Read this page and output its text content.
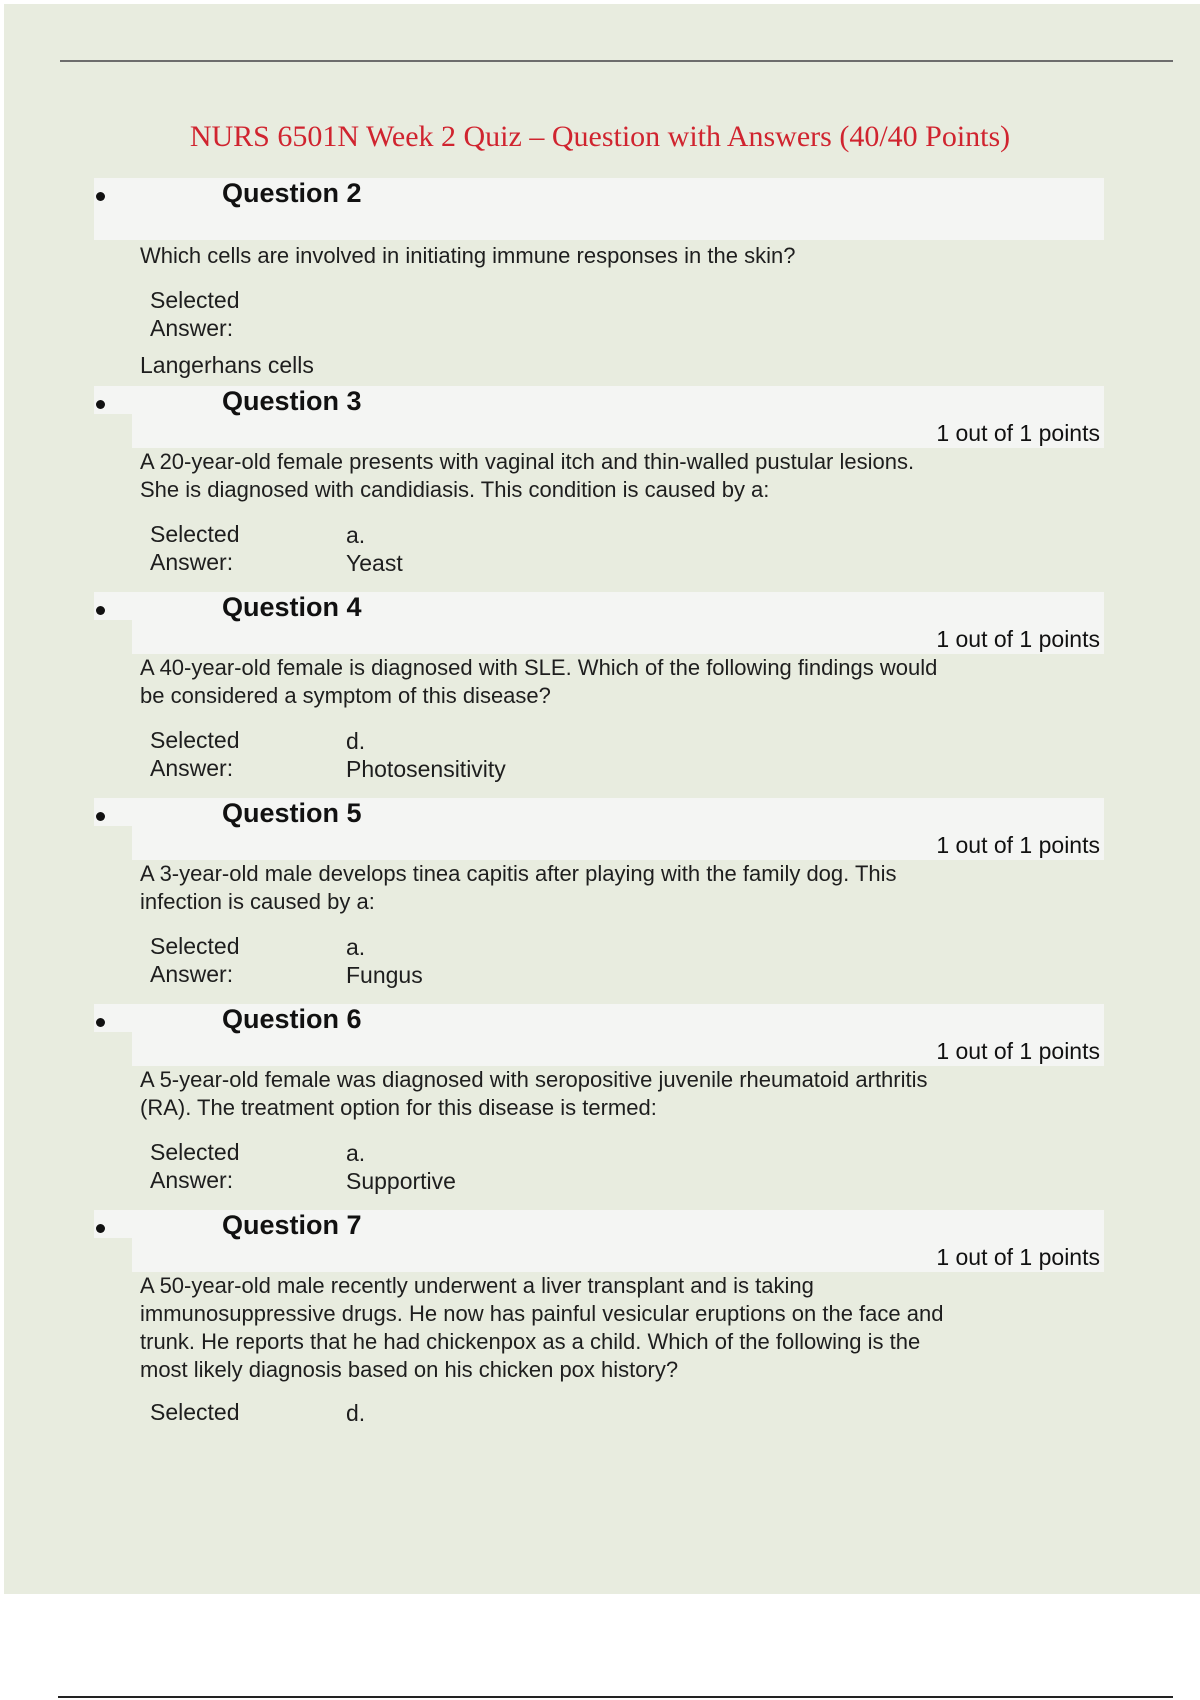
NURS 6501N Week 2 Quiz – Question with Answers (40/40 Points)
Question 2
Which cells are involved in initiating immune responses in the skin?
Selected
Answer:
Langerhans cells
Question 3
1 out of 1 points
A 20-year-old female presents with vaginal itch and thin-walled pustular lesions.
She is diagnosed with candidiasis. This condition is caused by a:
Selected
Answer:
a.
Yeast
Question 4
1 out of 1 points
A 40-year-old female is diagnosed with SLE. Which of the following findings would
be considered a symptom of this disease?
Selected
Answer:
d.
Photosensitivity
Question 5
1 out of 1 points
A 3-year-old male develops tinea capitis after playing with the family dog. This
infection is caused by a:
Selected
Answer:
a.
Fungus
Question 6
1 out of 1 points
A 5-year-old female was diagnosed with seropositive juvenile rheumatoid arthritis
(RA). The treatment option for this disease is termed:
Selected
Answer:
a.
Supportive
Question 7
1 out of 1 points
A 50-year-old male recently underwent a liver transplant and is taking
immunosuppressive drugs. He now has painful vesicular eruptions on the face and
trunk. He reports that he had chickenpox as a child. Which of the following is the
most likely diagnosis based on his chicken pox history?
Selected	d.
